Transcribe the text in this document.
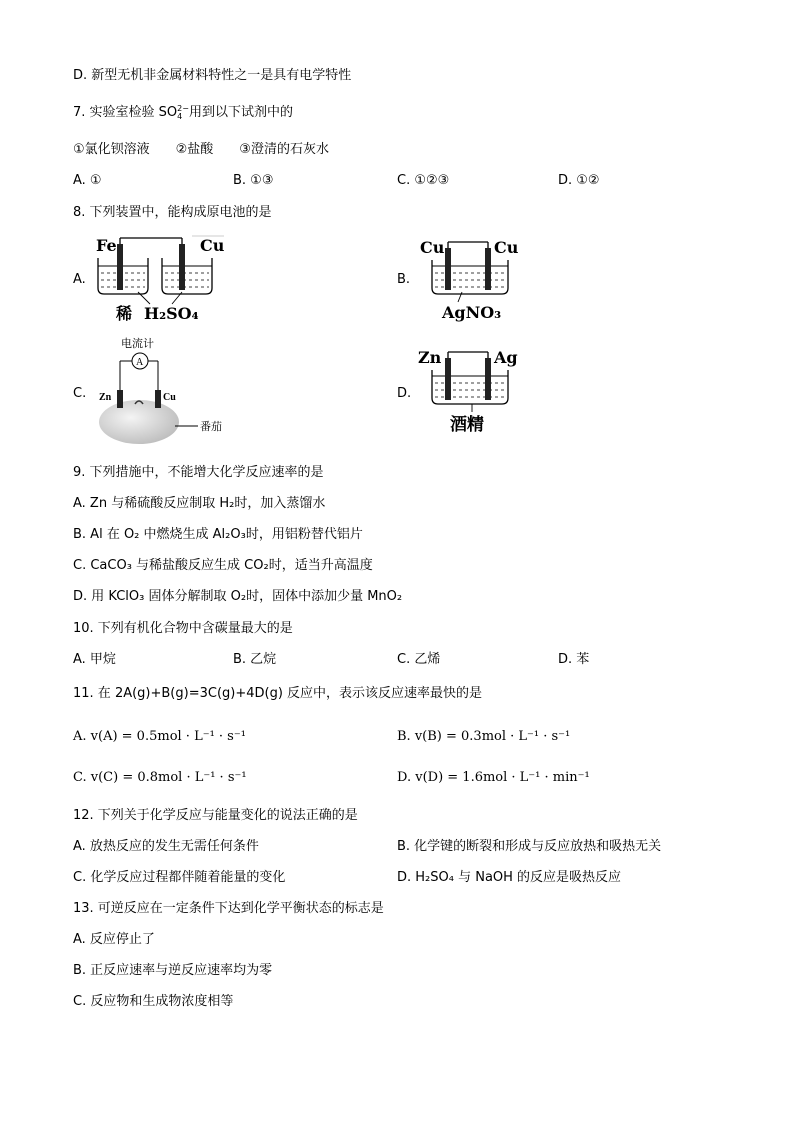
D. 新型无机非金属材料特性之一是具有电学特性
7. 实验室检验 SO 2−
4 用到以下试剂中的
①氯化钡溶液　　②盐酸　　③澄清的石灰水
A. ①	B. ①③	C. ①②③	D. ①②
8. 下列装置中，能构成原电池的是
A.	B.
C.	D.
Fe	Cu
稀 H₂SO₄
Cu	Cu
AgNO₃
电流计
A
Zn	Cu
番茄
Zn	Ag
酒精
9. 下列措施中，不能增大化学反应速率的是
A. Zn 与稀硫酸反应制取 H₂时，加入蒸馏水
B. Al 在 O₂ 中燃烧生成 Al₂O₃时，用铝粉替代铝片
C. CaCO₃ 与稀盐酸反应生成 CO₂时，适当升高温度
D. 用 KClO₃ 固体分解制取 O₂时，固体中添加少量 MnO₂
10. 下列有机化合物中含碳量最大的是
A. 甲烷	B. 乙烷	C. 乙烯	D. 苯
11. 在 2A(g)+B(g)=3C(g)+4D(g) 反应中，表示该反应速率最快的是
A. v(A) = 0.5mol · L⁻¹ · s⁻¹	B. v(B) = 0.3mol · L⁻¹ · s⁻¹
C. v(C) = 0.8mol · L⁻¹ · s⁻¹	D. v(D) = 1.6mol · L⁻¹ · min⁻¹
12. 下列关于化学反应与能量变化的说法正确的是
A. 放热反应的发生无需任何条件	B. 化学键的断裂和形成与反应放热和吸热无关
C. 化学反应过程都伴随着能量的变化	D. H₂SO₄ 与 NaOH 的反应是吸热反应
13. 可逆反应在一定条件下达到化学平衡状态的标志是
A. 反应停止了
B. 正反应速率与逆反应速率均为零
C. 反应物和生成物浓度相等
